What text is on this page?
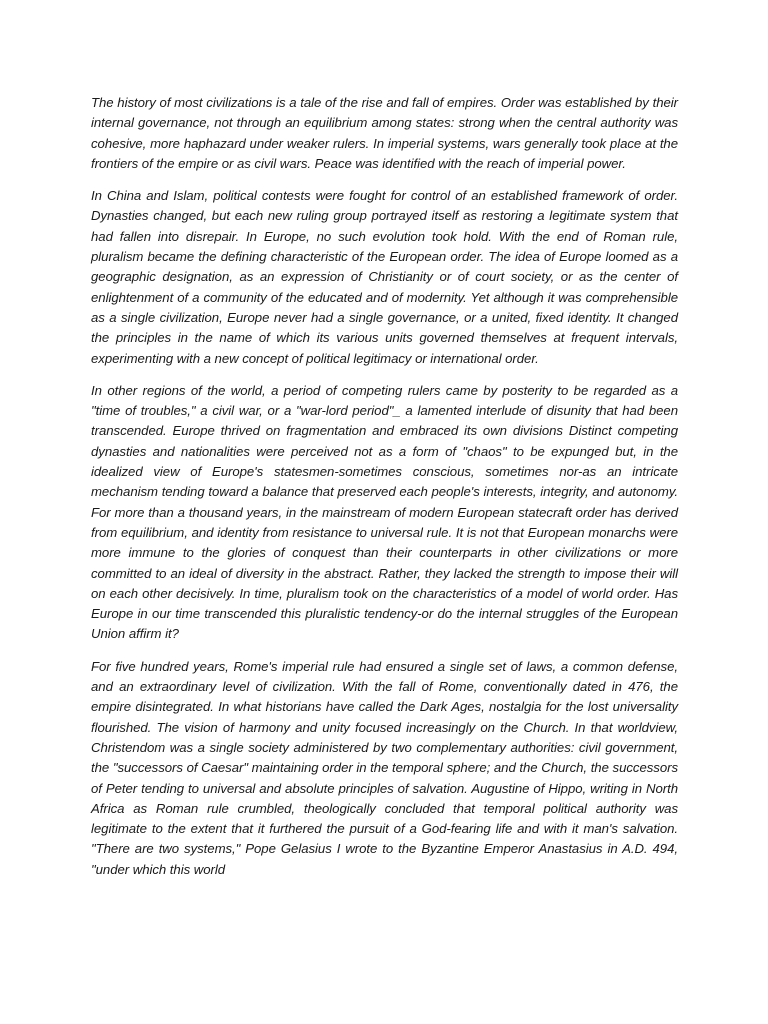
The history of most civilizations is a tale of the rise and fall of empires. Order was established by their internal governance, not through an equilibrium among states: strong when the central authority was cohesive, more haphazard under weaker rulers. In imperial systems, wars generally took place at the frontiers of the empire or as civil wars. Peace was identified with the reach of imperial power.

In China and Islam, political contests were fought for control of an established framework of order. Dynasties changed, but each new ruling group portrayed itself as restoring a legitimate system that had fallen into disrepair. In Europe, no such evolution took hold. With the end of Roman rule, pluralism became the defining characteristic of the European order. The idea of Europe loomed as a geographic designation, as an expression of Christianity or of court society, or as the center of enlightenment of a community of the educated and of modernity. Yet although it was comprehensible as a single civilization, Europe never had a single governance, or a united, fixed identity. It changed the principles in the name of which its various units governed themselves at frequent intervals, experimenting with a new concept of political legitimacy or international order.

In other regions of the world, a period of competing rulers came by posterity to be regarded as a "time of troubles," a civil war, or a "war-lord period"_ a lamented interlude of disunity that had been transcended. Europe thrived on fragmentation and embraced its own divisions Distinct competing dynasties and nationalities were perceived not as a form of "chaos" to be expunged but, in the idealized view of Europe's statesmen-sometimes conscious, sometimes nor-as an intricate mechanism tending toward a balance that preserved each people's interests, integrity, and autonomy. For more than a thousand years, in the mainstream of modern European statecraft order has derived from equilibrium, and identity from resistance to universal rule. It is not that European monarchs were more immune to the glories of conquest than their counterparts in other civilizations or more committed to an ideal of diversity in the abstract. Rather, they lacked the strength to impose their will on each other decisively. In time, pluralism took on the characteristics of a model of world order. Has Europe in our time transcended this pluralistic tendency-or do the internal struggles of the European Union affirm it?

For five hundred years, Rome's imperial rule had ensured a single set of laws, a common defense, and an extraordinary level of civilization. With the fall of Rome, conventionally dated in 476, the empire disintegrated. In what historians have called the Dark Ages, nostalgia for the lost universality flourished. The vision of harmony and unity focused increasingly on the Church. In that worldview, Christendom was a single society administered by two complementary authorities: civil government, the "successors of Caesar" maintaining order in the temporal sphere; and the Church, the successors of Peter tending to universal and absolute principles of salvation. Augustine of Hippo, writing in North Africa as Roman rule crumbled, theologically concluded that temporal political authority was legitimate to the extent that it furthered the pursuit of a God-fearing life and with it man's salvation. "There are two systems," Pope Gelasius I wrote to the Byzantine Emperor Anastasius in A.D. 494, "under which this world
